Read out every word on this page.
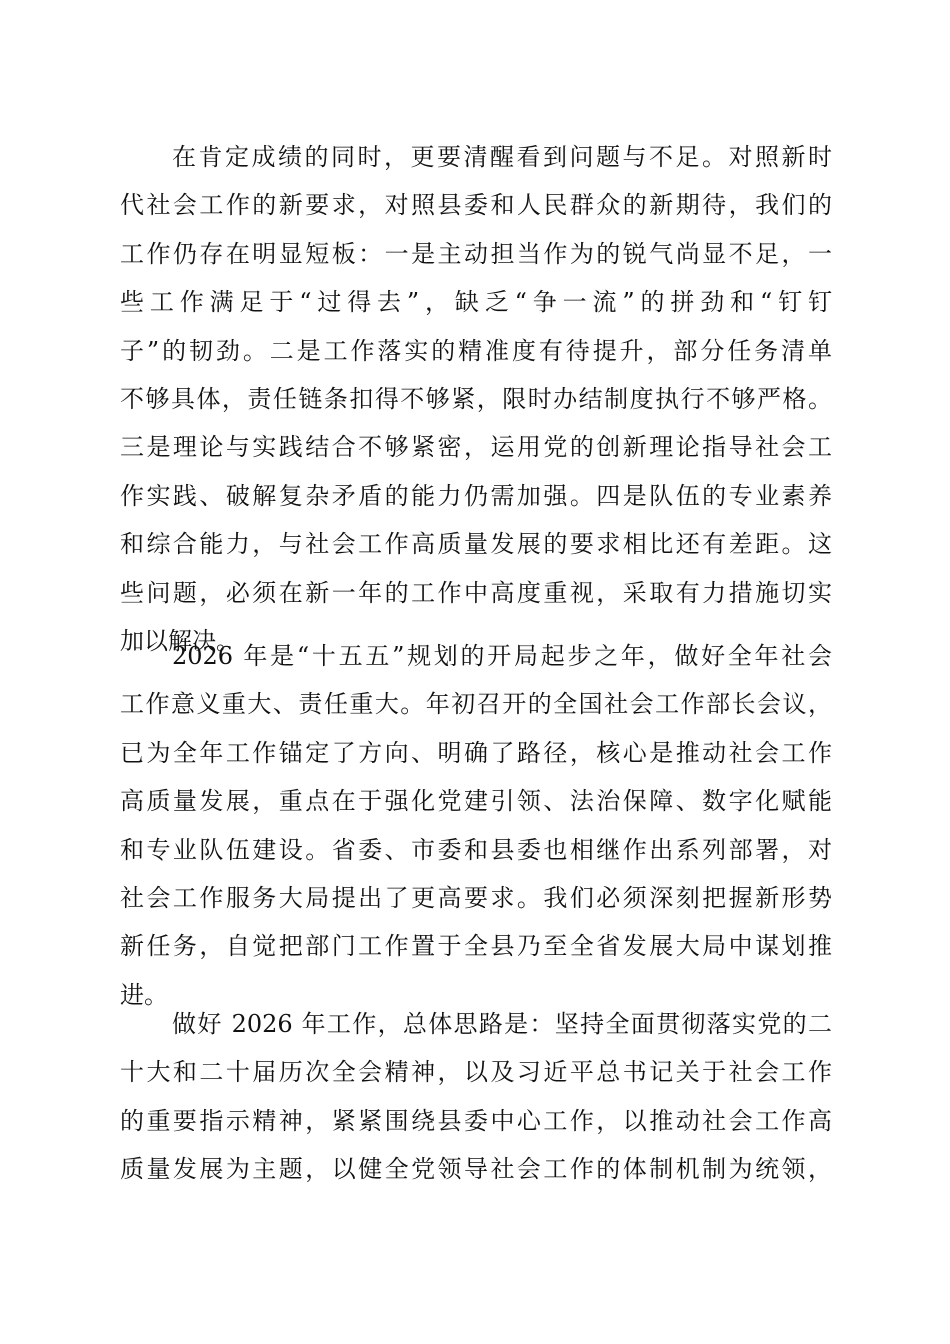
在肯定成绩的同时，更要清醒看到问题与不足。对照新时
代社会工作的新要求，对照县委和人民群众的新期待，我们的
工作仍存在明显短板：一是主动担当作为的锐气尚显不足，一
些工作满足于“过得去”，缺乏“争一流”的拼劲和“钉钉
子”的韧劲。二是工作落实的精准度有待提升，部分任务清单
不够具体，责任链条扣得不够紧，限时办结制度执行不够严格。
三是理论与实践结合不够紧密，运用党的创新理论指导社会工
作实践、破解复杂矛盾的能力仍需加强。四是队伍的专业素养
和综合能力，与社会工作高质量发展的要求相比还有差距。这
些问题，必须在新一年的工作中高度重视，采取有力措施切实
加以解决。
2026 年是“十五五”规划的开局起步之年，做好全年社会
工作意义重大、责任重大。年初召开的全国社会工作部长会议，
已为全年工作锚定了方向、明确了路径，核心是推动社会工作
高质量发展，重点在于强化党建引领、法治保障、数字化赋能
和专业队伍建设。省委、市委和县委也相继作出系列部署，对
社会工作服务大局提出了更高要求。我们必须深刻把握新形势
新任务，自觉把部门工作置于全县乃至全省发展大局中谋划推
进。
做好 2026 年工作，总体思路是：坚持全面贯彻落实党的二
十大和二十届历次全会精神，以及习近平总书记关于社会工作
的重要指示精神，紧紧围绕县委中心工作，以推动社会工作高
质量发展为主题，以健全党领导社会工作的体制机制为统领，
